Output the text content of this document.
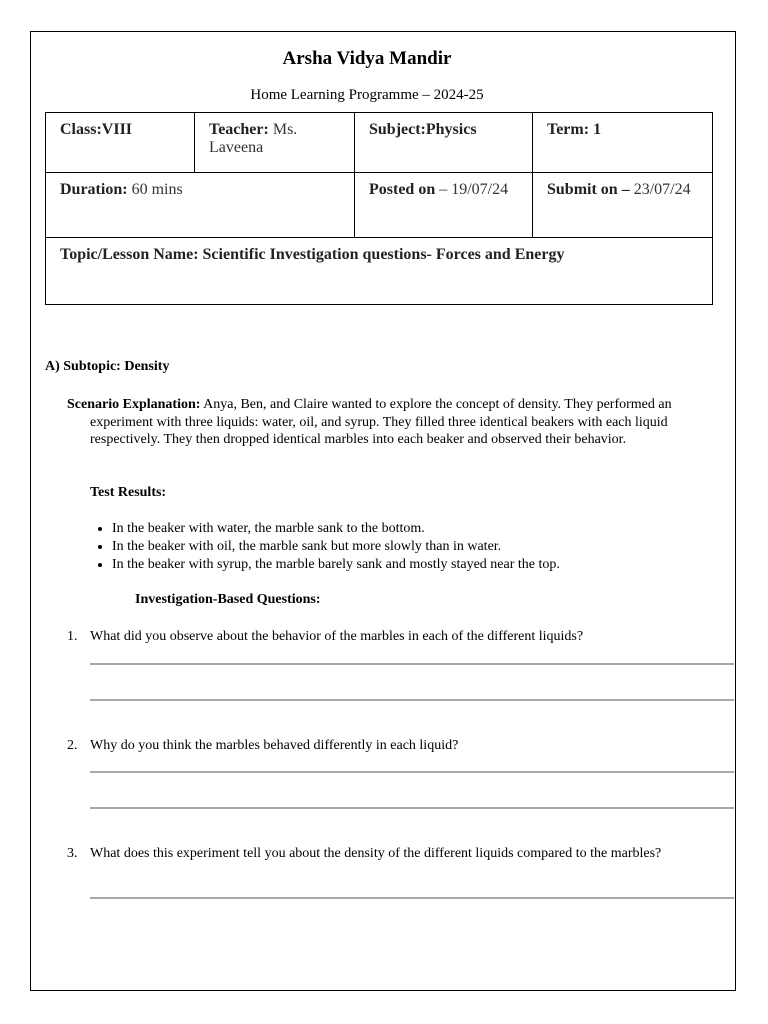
Arsha Vidya Mandir
Home Learning Programme – 2024-25
Class:VIII	Teacher: Ms. Laveena	Subject:Physics	Term: 1
Duration: 60 mins		Posted on – 19/07/24	Submit on – 23/07/24
Topic/Lesson Name: Scientific Investigation questions- Forces and Energy			
A) Subtopic: Density
Scenario Explanation: Anya, Ben, and Claire wanted to explore the concept of density. They performed an experiment with three liquids: water, oil, and syrup. They filled three identical beakers with each liquid respectively. They then dropped identical marbles into each beaker and observed their behavior.
Test Results:
• In the beaker with water, the marble sank to the bottom.
• In the beaker with oil, the marble sank but more slowly than in water.
• In the beaker with syrup, the marble barely sank and mostly stayed near the top.
Investigation-Based Questions:
1. What did you observe about the behavior of the marbles in each of the different liquids?
2. Why do you think the marbles behaved differently in each liquid?
3. What does this experiment tell you about the density of the different liquids compared to the marbles?
